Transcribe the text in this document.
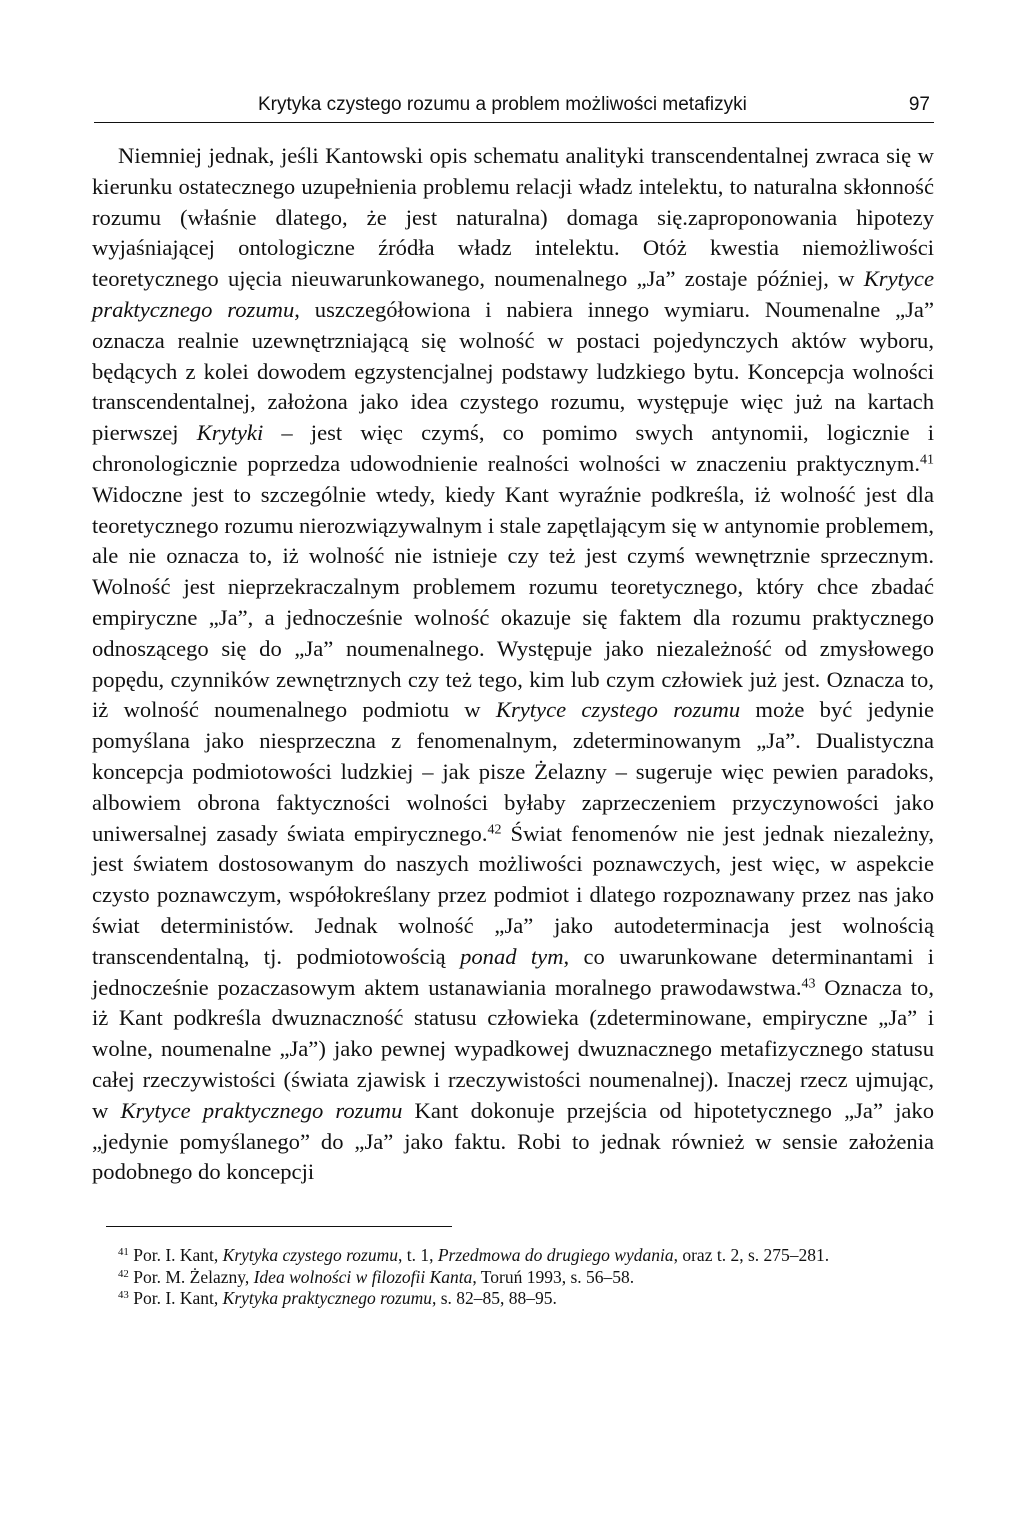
Krytyka czystego rozumu a problem możliwości metafizyki	97
Niemniej jednak, jeśli Kantowski opis schematu analityki transcendentalnej zwraca się w kierunku ostatecznego uzupełnienia problemu relacji władz intelektu, to naturalna skłonność rozumu (właśnie dlatego, że jest naturalna) domaga się.zaproponowania hipotezy wyjaśniającej ontologiczne źródła władz intelektu. Otóż kwestia niemożliwości teoretycznego ujęcia nieuwarunkowanego, noumenalnego „Ja” zostaje później, w Krytyce praktycznego rozumu, uszczegółowiona i nabiera innego wymiaru. Noumenalne „Ja” oznacza realnie uzewnętrzniającą się wolność w postaci pojedynczych aktów wyboru, będących z kolei dowodem egzystencjalnej podstawy ludzkiego bytu. Koncepcja wolności transcendentalnej, założona jako idea czystego rozumu, występuje więc już na kartach pierwszej Krytyki – jest więc czymś, co pomimo swych antynomii, logicznie i chronologicznie poprzedza udowodnienie realności wolności w znaczeniu praktycznym.$^{41}$ Widoczne jest to szczególnie wtedy, kiedy Kant wyraźnie podkreśla, iż wolność jest dla teoretycznego rozumu nierozwiązywalnym i stale zapętlającym się w antynomie problemem, ale nie oznacza to, iż wolność nie istnieje czy też jest czymś wewnętrznie sprzecznym. Wolność jest nieprzekraczalnym problemem rozumu teoretycznego, który chce zbadać empiryczne „Ja”, a jednocześnie wolność okazuje się faktem dla rozumu praktycznego odnoszącego się do „Ja” noumenalnego. Występuje jako niezależność od zmysłowego popędu, czynników zewnętrznych czy też tego, kim lub czym człowiek już jest. Oznacza to, iż wolność noumenalnego podmiotu w Krytyce czystego rozumu może być jedynie pomyślana jako niesprzeczna z fenomenalnym, zdeterminowanym „Ja”. Dualistyczna koncepcja podmiotowości ludzkiej – jak pisze Żelazny – sugeruje więc pewien paradoks, albowiem obrona faktyczności wolności byłaby zaprzeczeniem przyczynowości jako uniwersalnej zasady świata empirycznego.$^{42}$ Świat fenomenów nie jest jednak niezależny, jest światem dostosowanym do naszych możliwości poznawczych, jest więc, w aspekcie czysto poznawczym, współokreślany przez podmiot i dlatego rozpoznawany przez nas jako świat deterministów. Jednak wolność „Ja” jako autodeterminacja jest wolnością transcendentalną, tj. podmiotowością ponad tym, co uwarunkowane determinantami i jednocześnie pozaczasowym aktem ustanawiania moralnego prawodawstwa.$^{43}$ Oznacza to, iż Kant podkreśla dwuznaczność statusu człowieka (zdeterminowane, empiryczne „Ja” i wolne, noumenalne „Ja”) jako pewnej wypadkowej dwuznacznego metafizycznego statusu całej rzeczywistości (świata zjawisk i rzeczywistości noumenalnej). Inaczej rzecz ujmując, w Krytyce praktycznego rozumu Kant dokonuje przejścia od hipotetycznego „Ja” jako „jedynie pomyślanego” do „Ja” jako faktu. Robi to jednak również w sensie założenia podobnego do koncepcji
$^{41}$ Por. I. Kant, Krytyka czystego rozumu, t. 1, Przedmowa do drugiego wydania, oraz t. 2, s. 275–281.
$^{42}$ Por. M. Żelazny, Idea wolności w filozofii Kanta, Toruń 1993, s. 56–58.
$^{43}$ Por. I. Kant, Krytyka praktycznego rozumu, s. 82–85, 88–95.
